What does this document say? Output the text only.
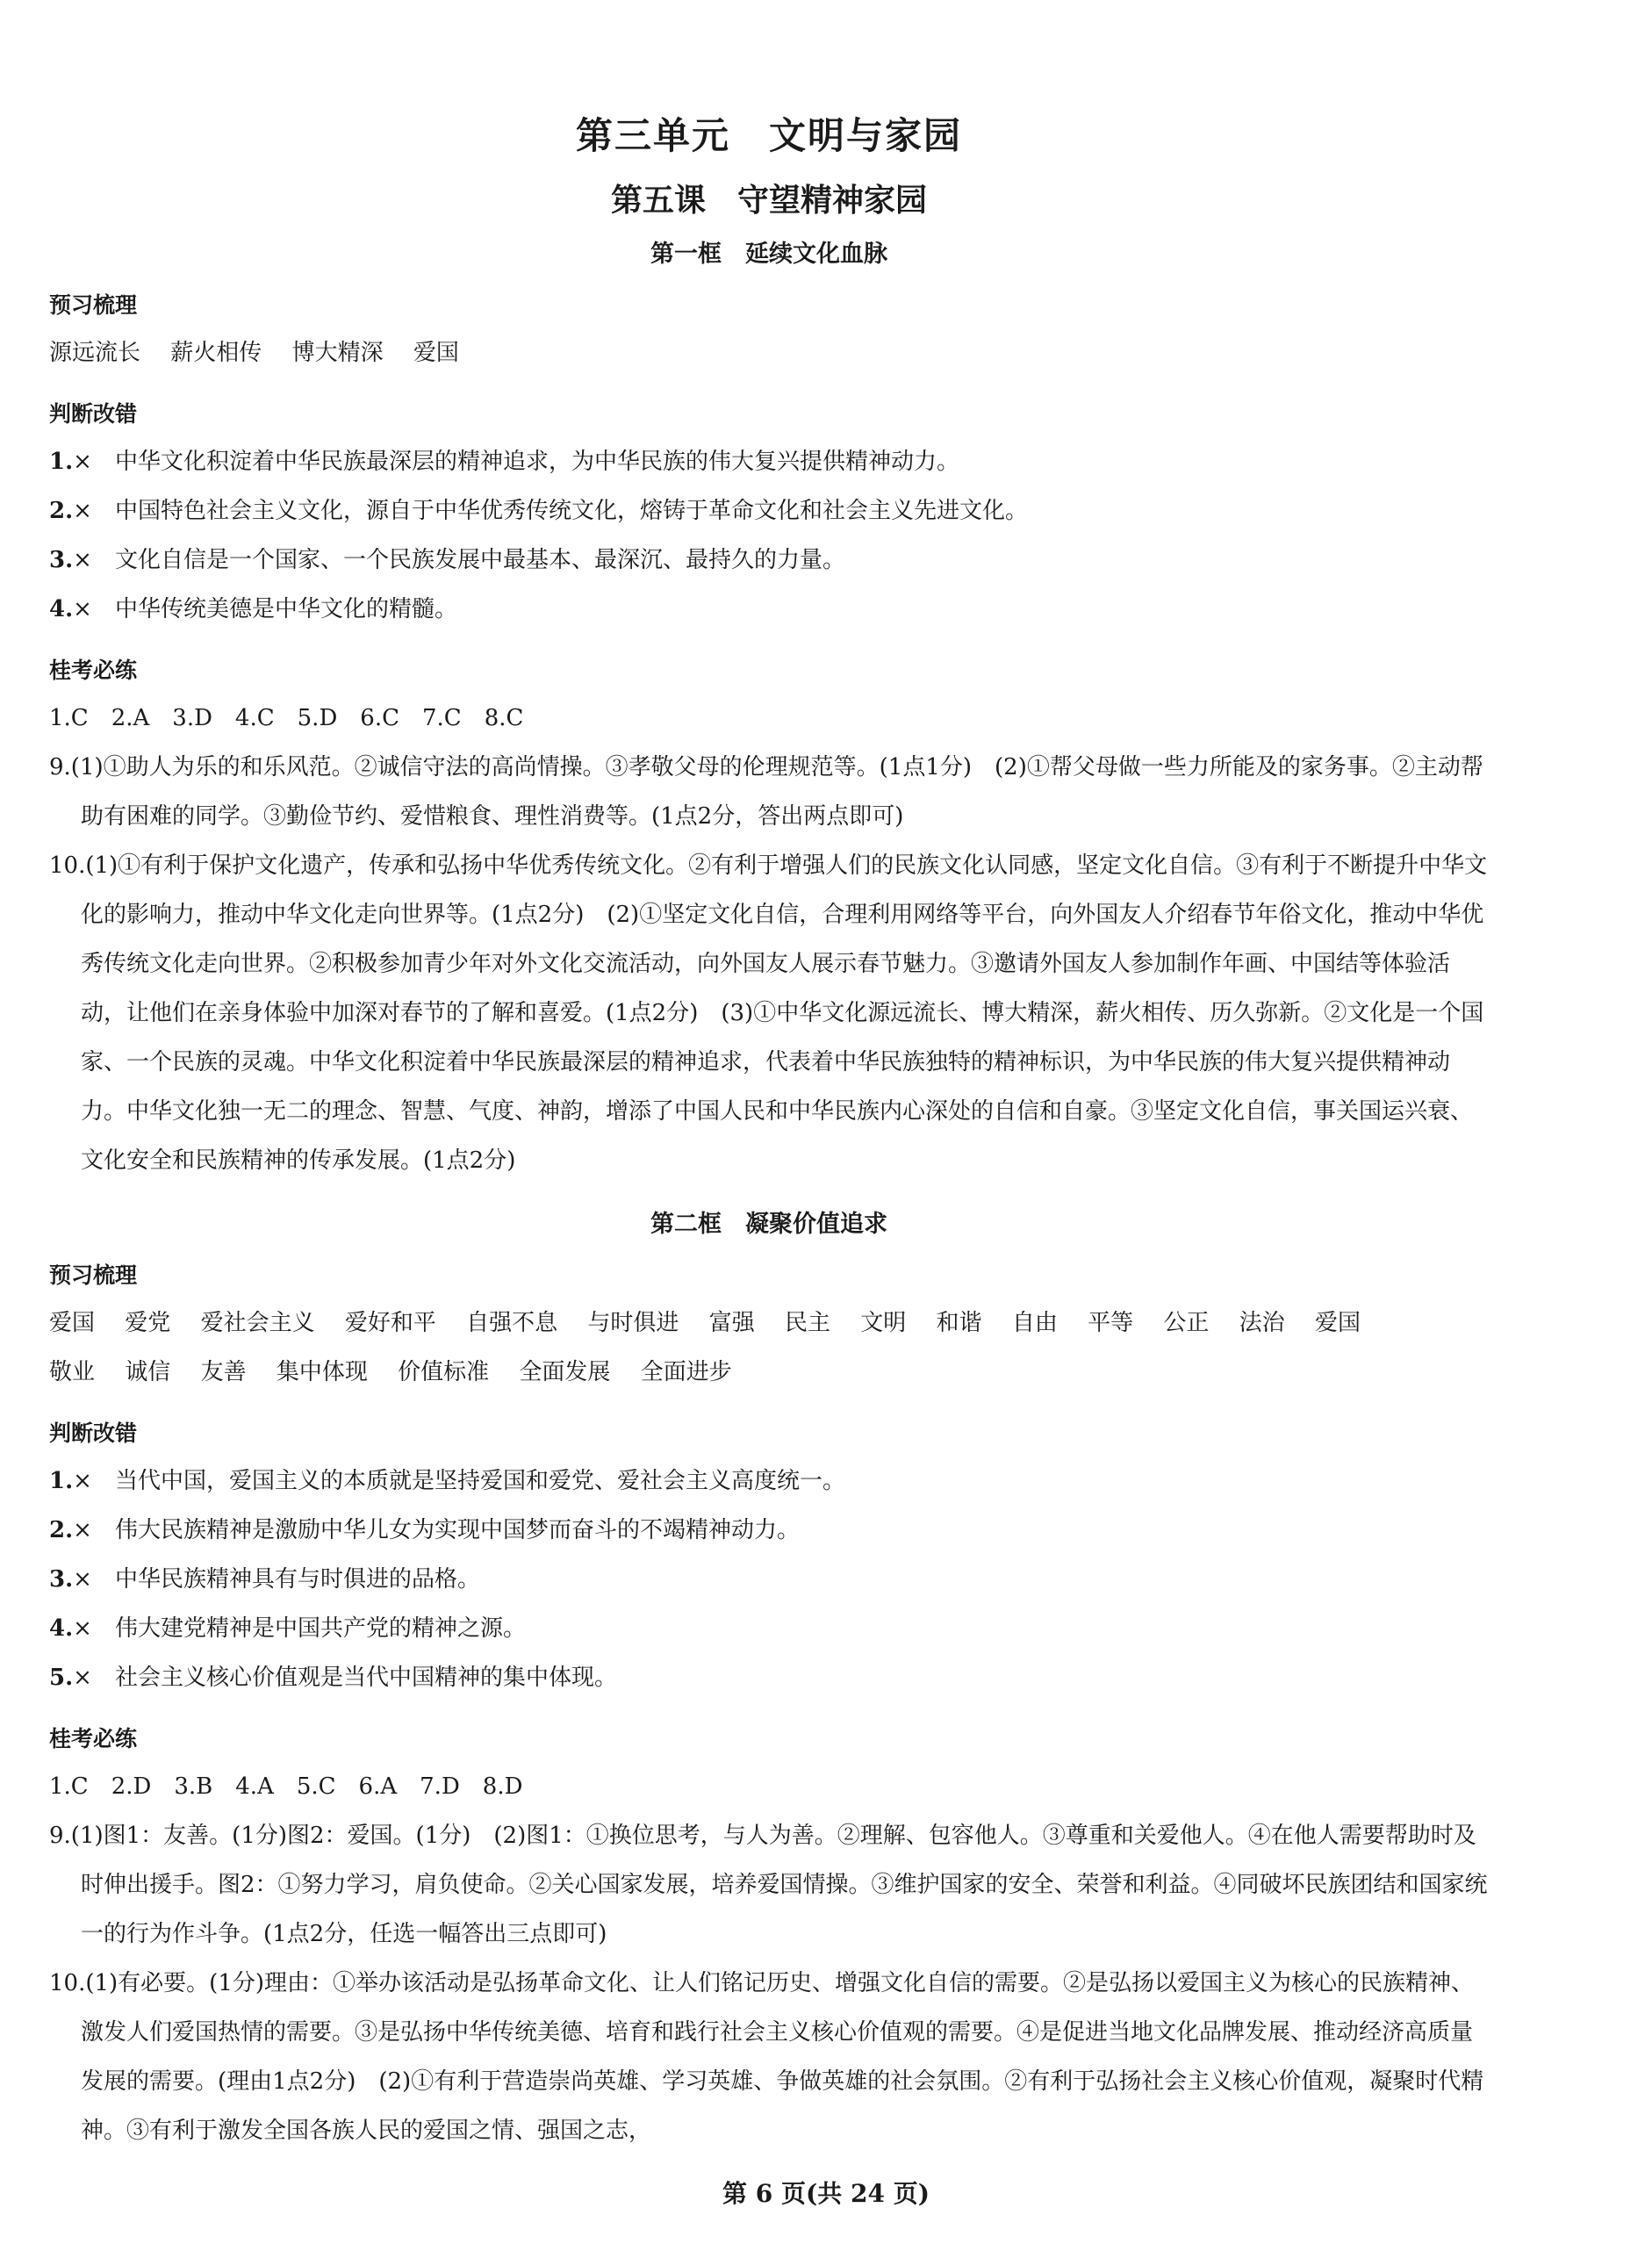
第三单元　文明与家园
第五课　守望精神家园
第一框　延续文化血脉
预习梳理
源远流长 薪火相传 博大精深 爱国
判断改错
1.×　中华文化积淀着中华民族最深层的精神追求，为中华民族的伟大复兴提供精神动力。
2.×　中国特色社会主义文化，源自于中华优秀传统文化，熔铸于革命文化和社会主义先进文化。
3.×　文化自信是一个国家、一个民族发展中最基本、最深沉、最持久的力量。
4.×　中华传统美德是中华文化的精髓。
桂考必练
1.C　2.A　3.D　4.C　5.D　6.C　7.C　8.C
9.(1)①助人为乐的和乐风范。②诚信守法的高尚情操。③孝敬父母的伦理规范等。(1点1分)　(2)①帮父母做一些力所能及的家务事。②主动帮助有困难的同学。③勤俭节约、爱惜粮食、理性消费等。(1点2分，答出两点即可)
10.(1)①有利于保护文化遗产，传承和弘扬中华优秀传统文化。②有利于增强人们的民族文化认同感，坚定文化自信。③有利于不断提升中华文化的影响力，推动中华文化走向世界等。(1点2分)　(2)①坚定文化自信，合理利用网络等平台，向外国友人介绍春节年俗文化，推动中华优秀传统文化走向世界。②积极参加青少年对外文化交流活动，向外国友人展示春节魅力。③邀请外国友人参加制作年画、中国结等体验活动，让他们在亲身体验中加深对春节的了解和喜爱。(1点2分)　(3)①中华文化源远流长、博大精深，薪火相传、历久弥新。②文化是一个国家、一个民族的灵魂。中华文化积淀着中华民族最深层的精神追求，代表着中华民族独特的精神标识，为中华民族的伟大复兴提供精神动力。中华文化独一无二的理念、智慧、气度、神韵，增添了中国人民和中华民族内心深处的自信和自豪。③坚定文化自信，事关国运兴衰、文化安全和民族精神的传承发展。(1点2分)
第二框　凝聚价值追求
预习梳理
爱国 爱党 爱社会主义 爱好和平 自强不息 与时俱进 富强 民主 文明 和谐 自由 平等 公正 法治 爱国
敬业 诚信 友善 集中体现 价值标准 全面发展 全面进步
判断改错
1.×　当代中国，爱国主义的本质就是坚持爱国和爱党、爱社会主义高度统一。
2.×　伟大民族精神是激励中华儿女为实现中国梦而奋斗的不竭精神动力。
3.×　中华民族精神具有与时俱进的品格。
4.×　伟大建党精神是中国共产党的精神之源。
5.×　社会主义核心价值观是当代中国精神的集中体现。
桂考必练
1.C　2.D　3.B　4.A　5.C　6.A　7.D　8.D
9.(1)图1：友善。(1分)图2：爱国。(1分)　(2)图1：①换位思考，与人为善。②理解、包容他人。③尊重和关爱他人。④在他人需要帮助时及时伸出援手。图2：①努力学习，肩负使命。②关心国家发展，培养爱国情操。③维护国家的安全、荣誉和利益。④同破坏民族团结和国家统一的行为作斗争。(1点2分，任选一幅答出三点即可)
10.(1)有必要。(1分)理由：①举办该活动是弘扬革命文化、让人们铭记历史、增强文化自信的需要。②是弘扬以爱国主义为核心的民族精神、激发人们爱国热情的需要。③是弘扬中华传统美德、培育和践行社会主义核心价值观的需要。④是促进当地文化品牌发展、推动经济高质量发展的需要。(理由1点2分)　(2)①有利于营造崇尚英雄、学习英雄、争做英雄的社会氛围。②有利于弘扬社会主义核心价值观，凝聚时代精神。③有利于激发全国各族人民的爱国之情、强国之志，
第 6 页(共 24 页)
